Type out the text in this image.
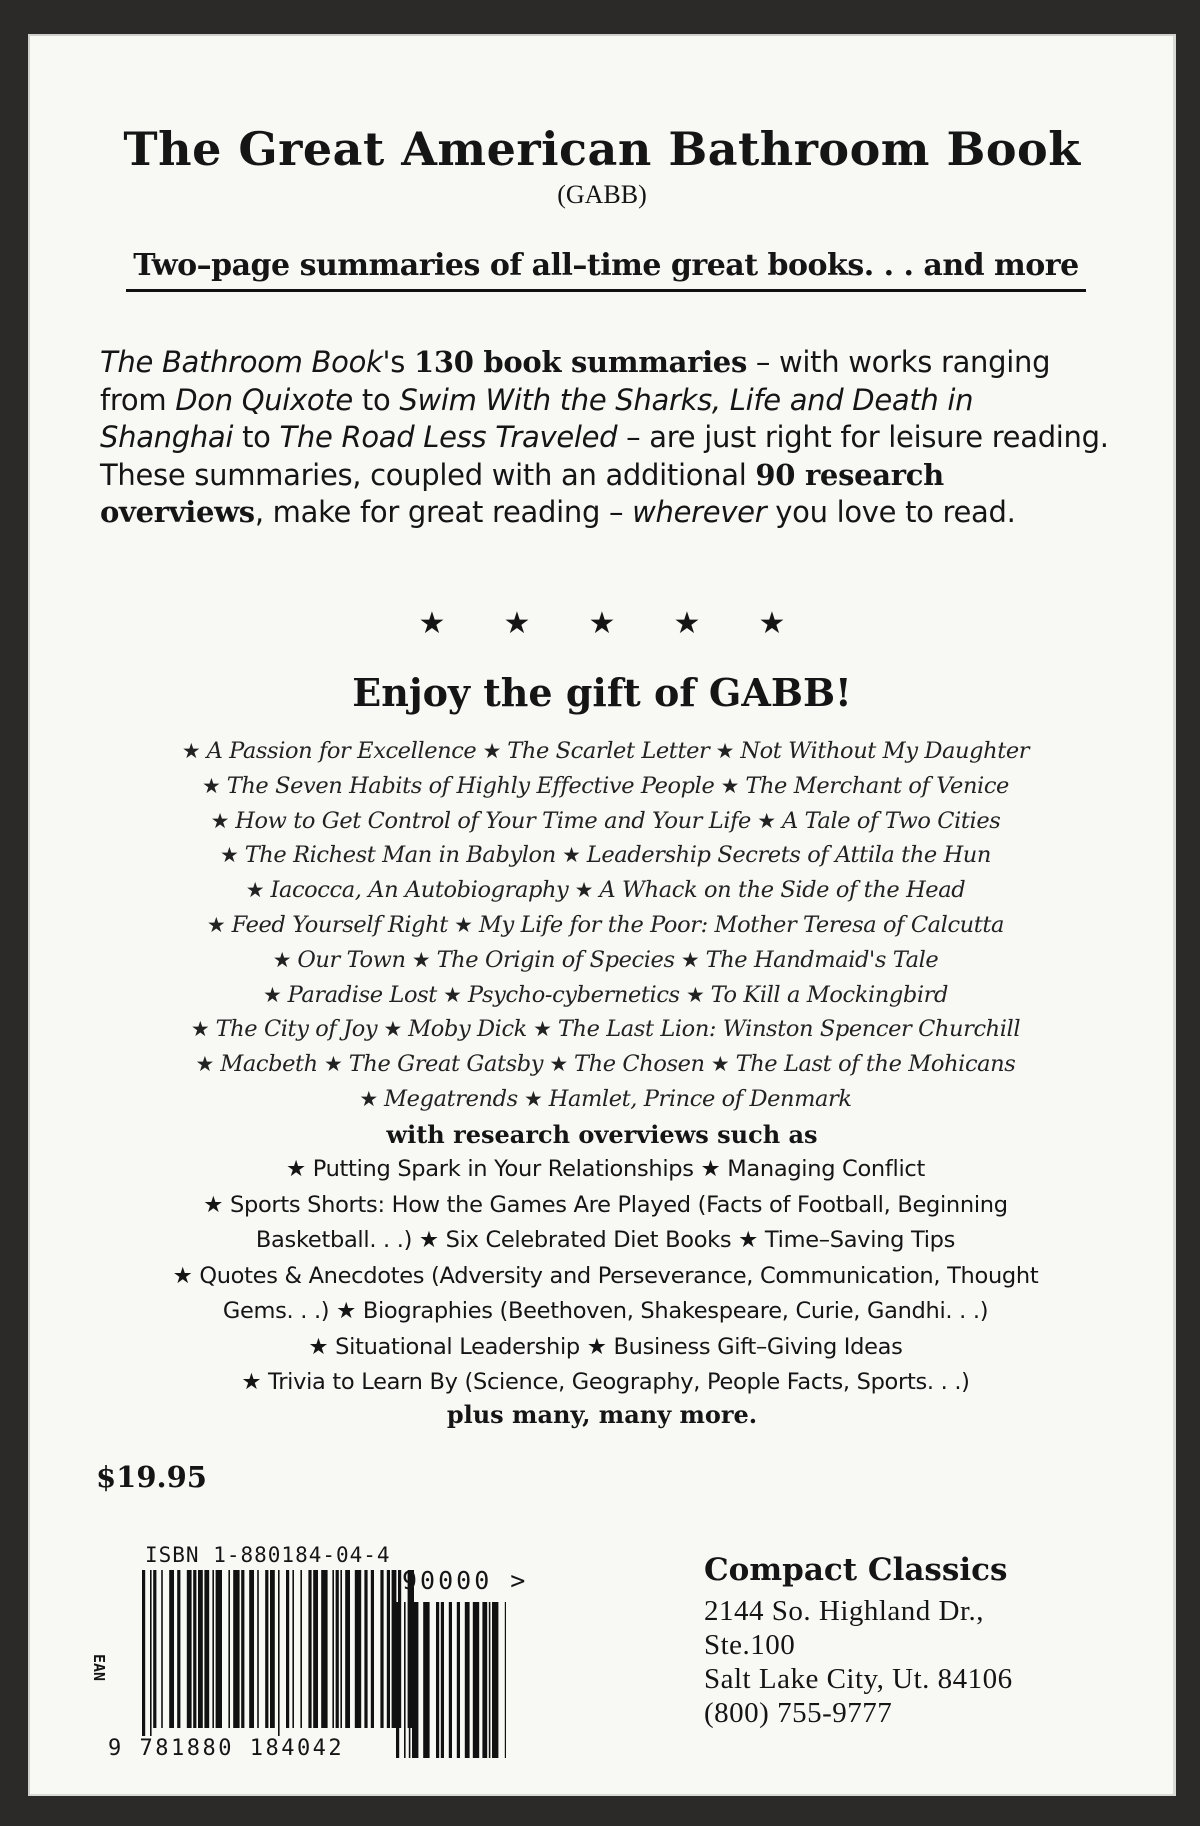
The Great American Bathroom Book
(GABB)
Two–page summaries of all–time great books. . . and more
The Bathroom Book's 130 book summaries – with works ranging from Don Quixote to Swim With the Sharks, Life and Death in Shanghai to The Road Less Traveled – are just right for leisure reading. These summaries, coupled with an additional 90 research overviews, make for great reading – wherever you love to read.
★ ★ ★ ★ ★
Enjoy the gift of GABB!
★ A Passion for Excellence ★ The Scarlet Letter ★ Not Without My Daughter
★ The Seven Habits of Highly Effective People ★ The Merchant of Venice
★ How to Get Control of Your Time and Your Life ★ A Tale of Two Cities
★ The Richest Man in Babylon ★ Leadership Secrets of Attila the Hun
★ Iacocca, An Autobiography ★ A Whack on the Side of the Head
★ Feed Yourself Right ★ My Life for the Poor: Mother Teresa of Calcutta
★ Our Town ★ The Origin of Species ★ The Handmaid's Tale
★ Paradise Lost ★ Psycho-cybernetics ★ To Kill a Mockingbird
★ The City of Joy ★ Moby Dick ★ The Last Lion: Winston Spencer Churchill
★ Macbeth ★ The Great Gatsby ★ The Chosen ★ The Last of the Mohicans
★ Megatrends ★ Hamlet, Prince of Denmark
with research overviews such as
★ Putting Spark in Your Relationships ★ Managing Conflict
★ Sports Shorts: How the Games Are Played (Facts of Football, Beginning
Basketball. . .) ★ Six Celebrated Diet Books ★ Time–Saving Tips
★ Quotes & Anecdotes (Adversity and Perseverance, Communication, Thought
Gems. . .) ★ Biographies (Beethoven, Shakespeare, Curie, Gandhi. . .)
★ Situational Leadership ★ Business Gift–Giving Ideas
★ Trivia to Learn By (Science, Geography, People Facts, Sports. . .)
plus many, many more.
$19.95
ISBN 1-880184-04-4
EAN
9 781880 184042
90000 >	Compact Classics
2144 So. Highland Dr.,
Ste.100
Salt Lake City, Ut. 84106
(800) 755-9777
